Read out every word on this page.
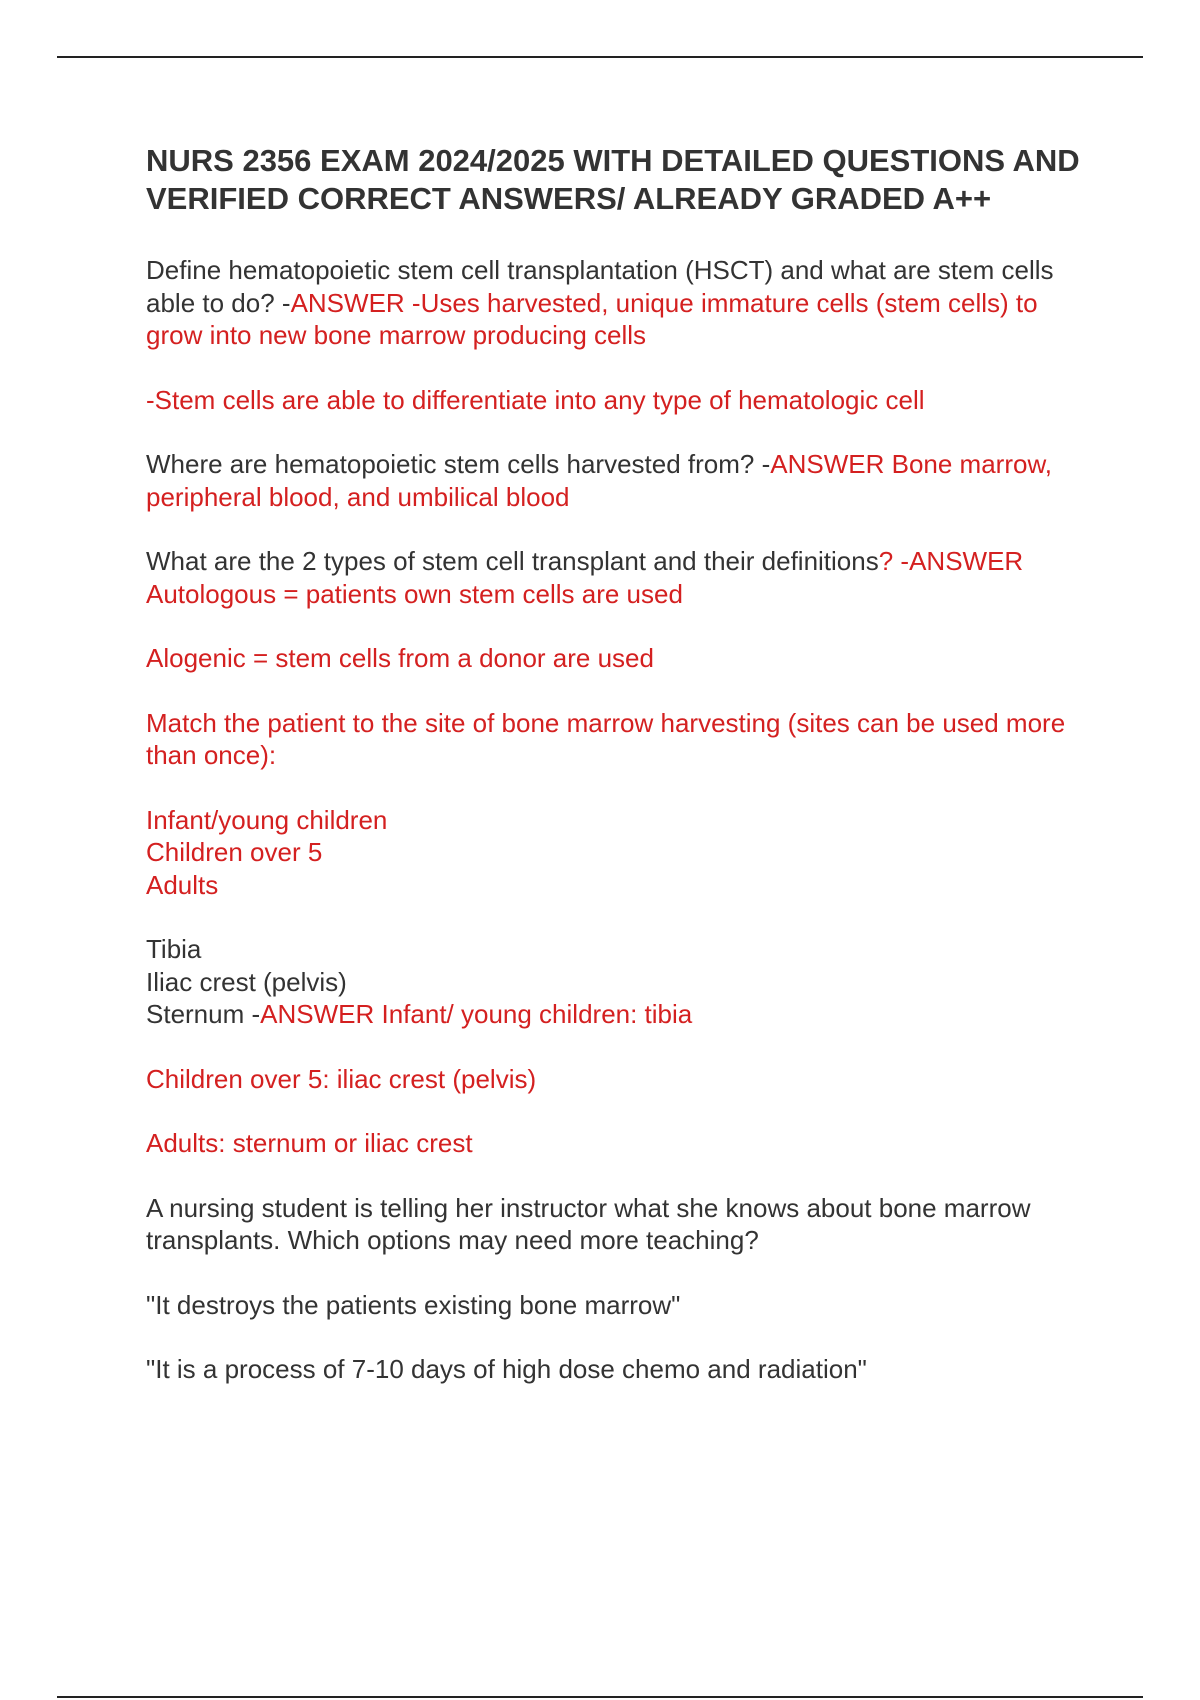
NURS 2356 EXAM 2024/2025 WITH DETAILED QUESTIONS AND VERIFIED CORRECT ANSWERS/ ALREADY GRADED A++

Define hematopoietic stem cell transplantation (HSCT) and what are stem cells able to do? -ANSWER -Uses harvested, unique immature cells (stem cells) to grow into new bone marrow producing cells

-Stem cells are able to differentiate into any type of hematologic cell

Where are hematopoietic stem cells harvested from? -ANSWER Bone marrow, peripheral blood, and umbilical blood

What are the 2 types of stem cell transplant and their definitions? -ANSWER Autologous = patients own stem cells are used

Alogenic = stem cells from a donor are used

Match the patient to the site of bone marrow harvesting (sites can be used more than once):

Infant/young children
Children over 5
Adults

Tibia
Iliac crest (pelvis)
Sternum -ANSWER Infant/ young children: tibia

Children over 5: iliac crest (pelvis)

Adults: sternum or iliac crest

A nursing student is telling her instructor what she knows about bone marrow transplants. Which options may need more teaching?

"It destroys the patients existing bone marrow"

"It is a process of 7-10 days of high dose chemo and radiation"
